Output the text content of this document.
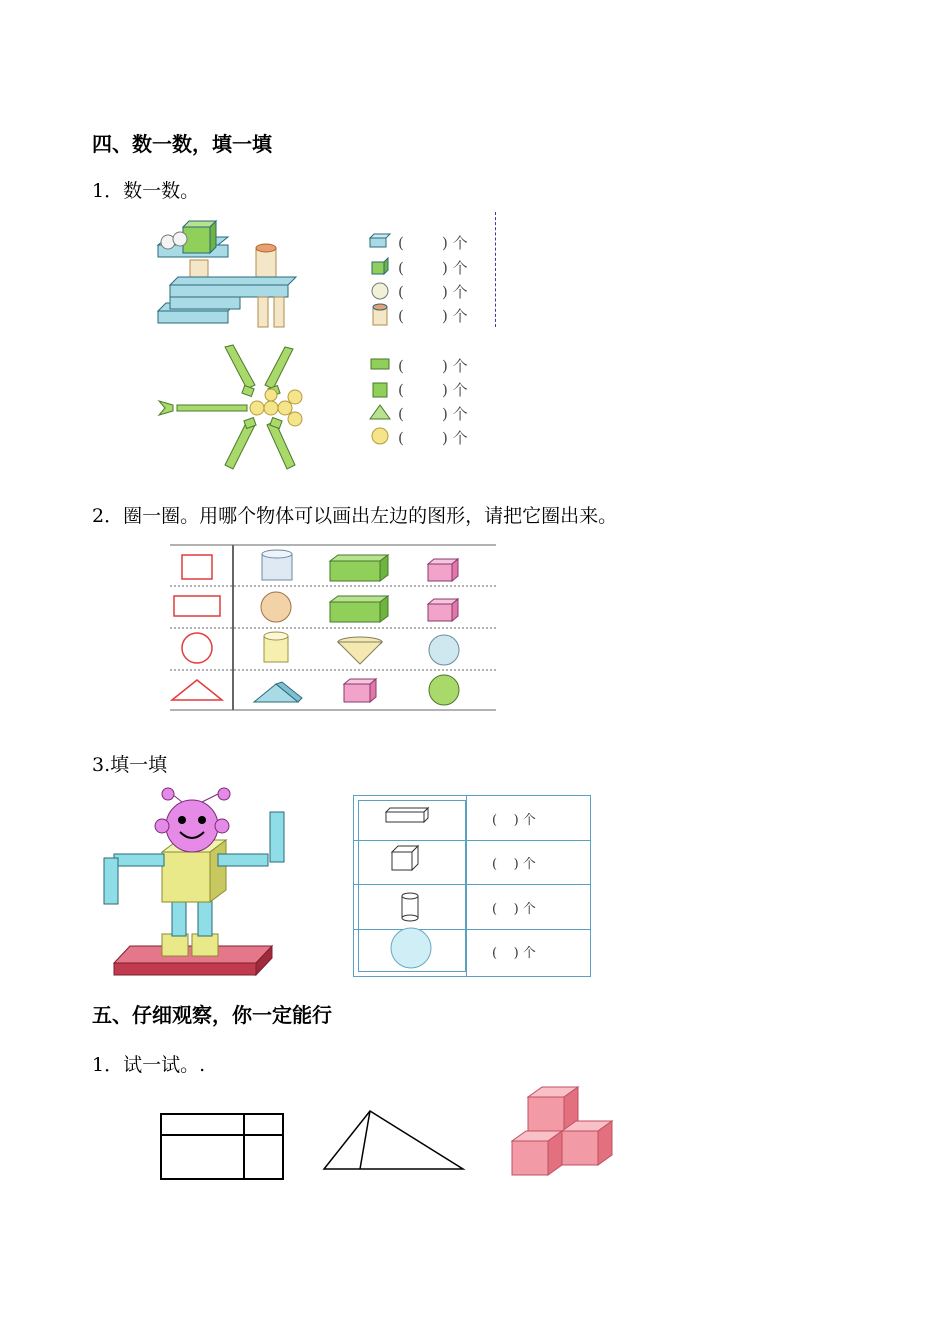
四、数一数，填一填
1．数一数。
(        ) 个
(        ) 个
(        ) 个
(        ) 个
(        ) 个
(        ) 个
(        ) 个
(        ) 个
2．圈一圈。用哪个物体可以画出左边的图形，请把它圈出来。
3.填一填
(    ) 个
(    ) 个
(    ) 个
(    ) 个
五、仔细观察，你一定能行
1．试一试。.
